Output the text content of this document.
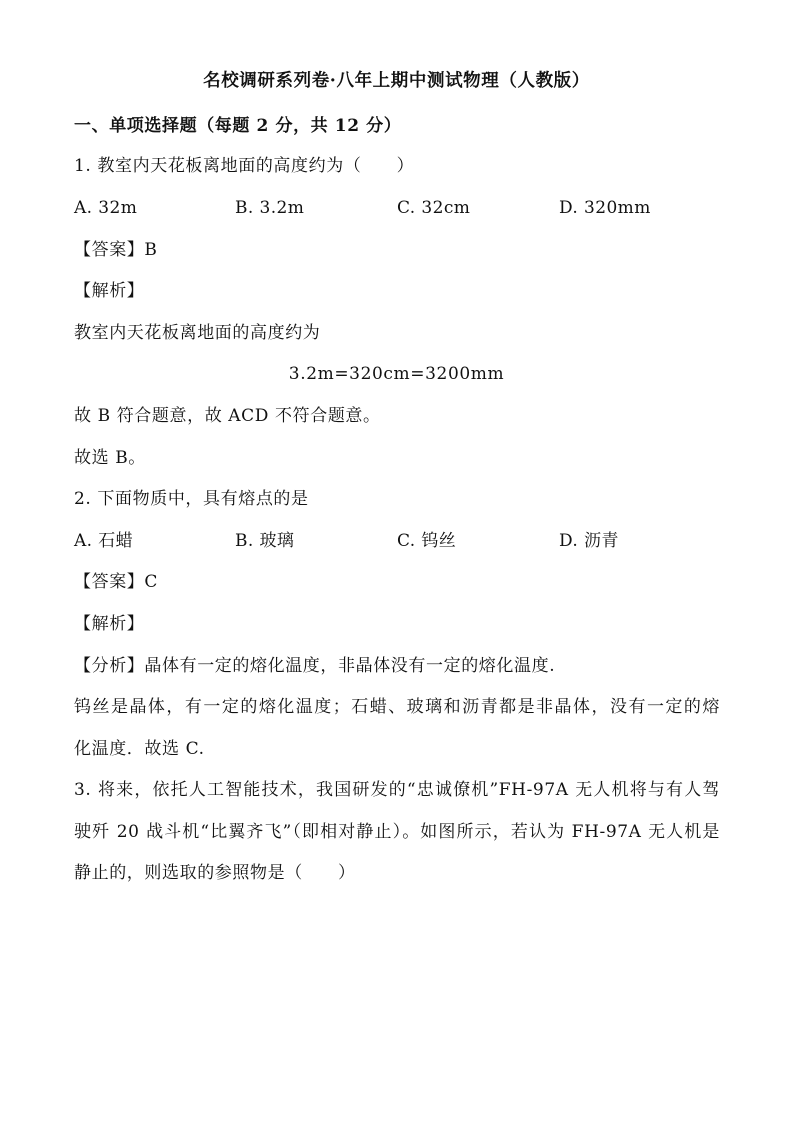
名校调研系列卷·八年上期中测试物理（人教版）
一、单项选择题（每题 2 分，共 12 分）
1. 教室内天花板离地面的高度约为（　　）
A. 32m	B. 3.2m	C. 32cm	D. 320mm
【答案】B
【解析】
教室内天花板离地面的高度约为
3.2m=320cm=3200mm
故 B 符合题意，故 ACD 不符合题意。
故选 B。
2. 下面物质中，具有熔点的是
A. 石蜡	B. 玻璃	C. 钨丝	D. 沥青
【答案】C
【解析】
【分析】晶体有一定的熔化温度，非晶体没有一定的熔化温度.
钨丝是晶体，有一定的熔化温度；石蜡、玻璃和沥青都是非晶体，没有一定的熔
化温度．故选 C.
3. 将来，依托人工智能技术，我国研发的“忠诚僚机”FH-97A 无人机将与有人驾
驶歼 20 战斗机“比翼齐飞”（即相对静止）。如图所示，若认为 FH-97A 无人机是
静止的，则选取的参照物是（　　）
